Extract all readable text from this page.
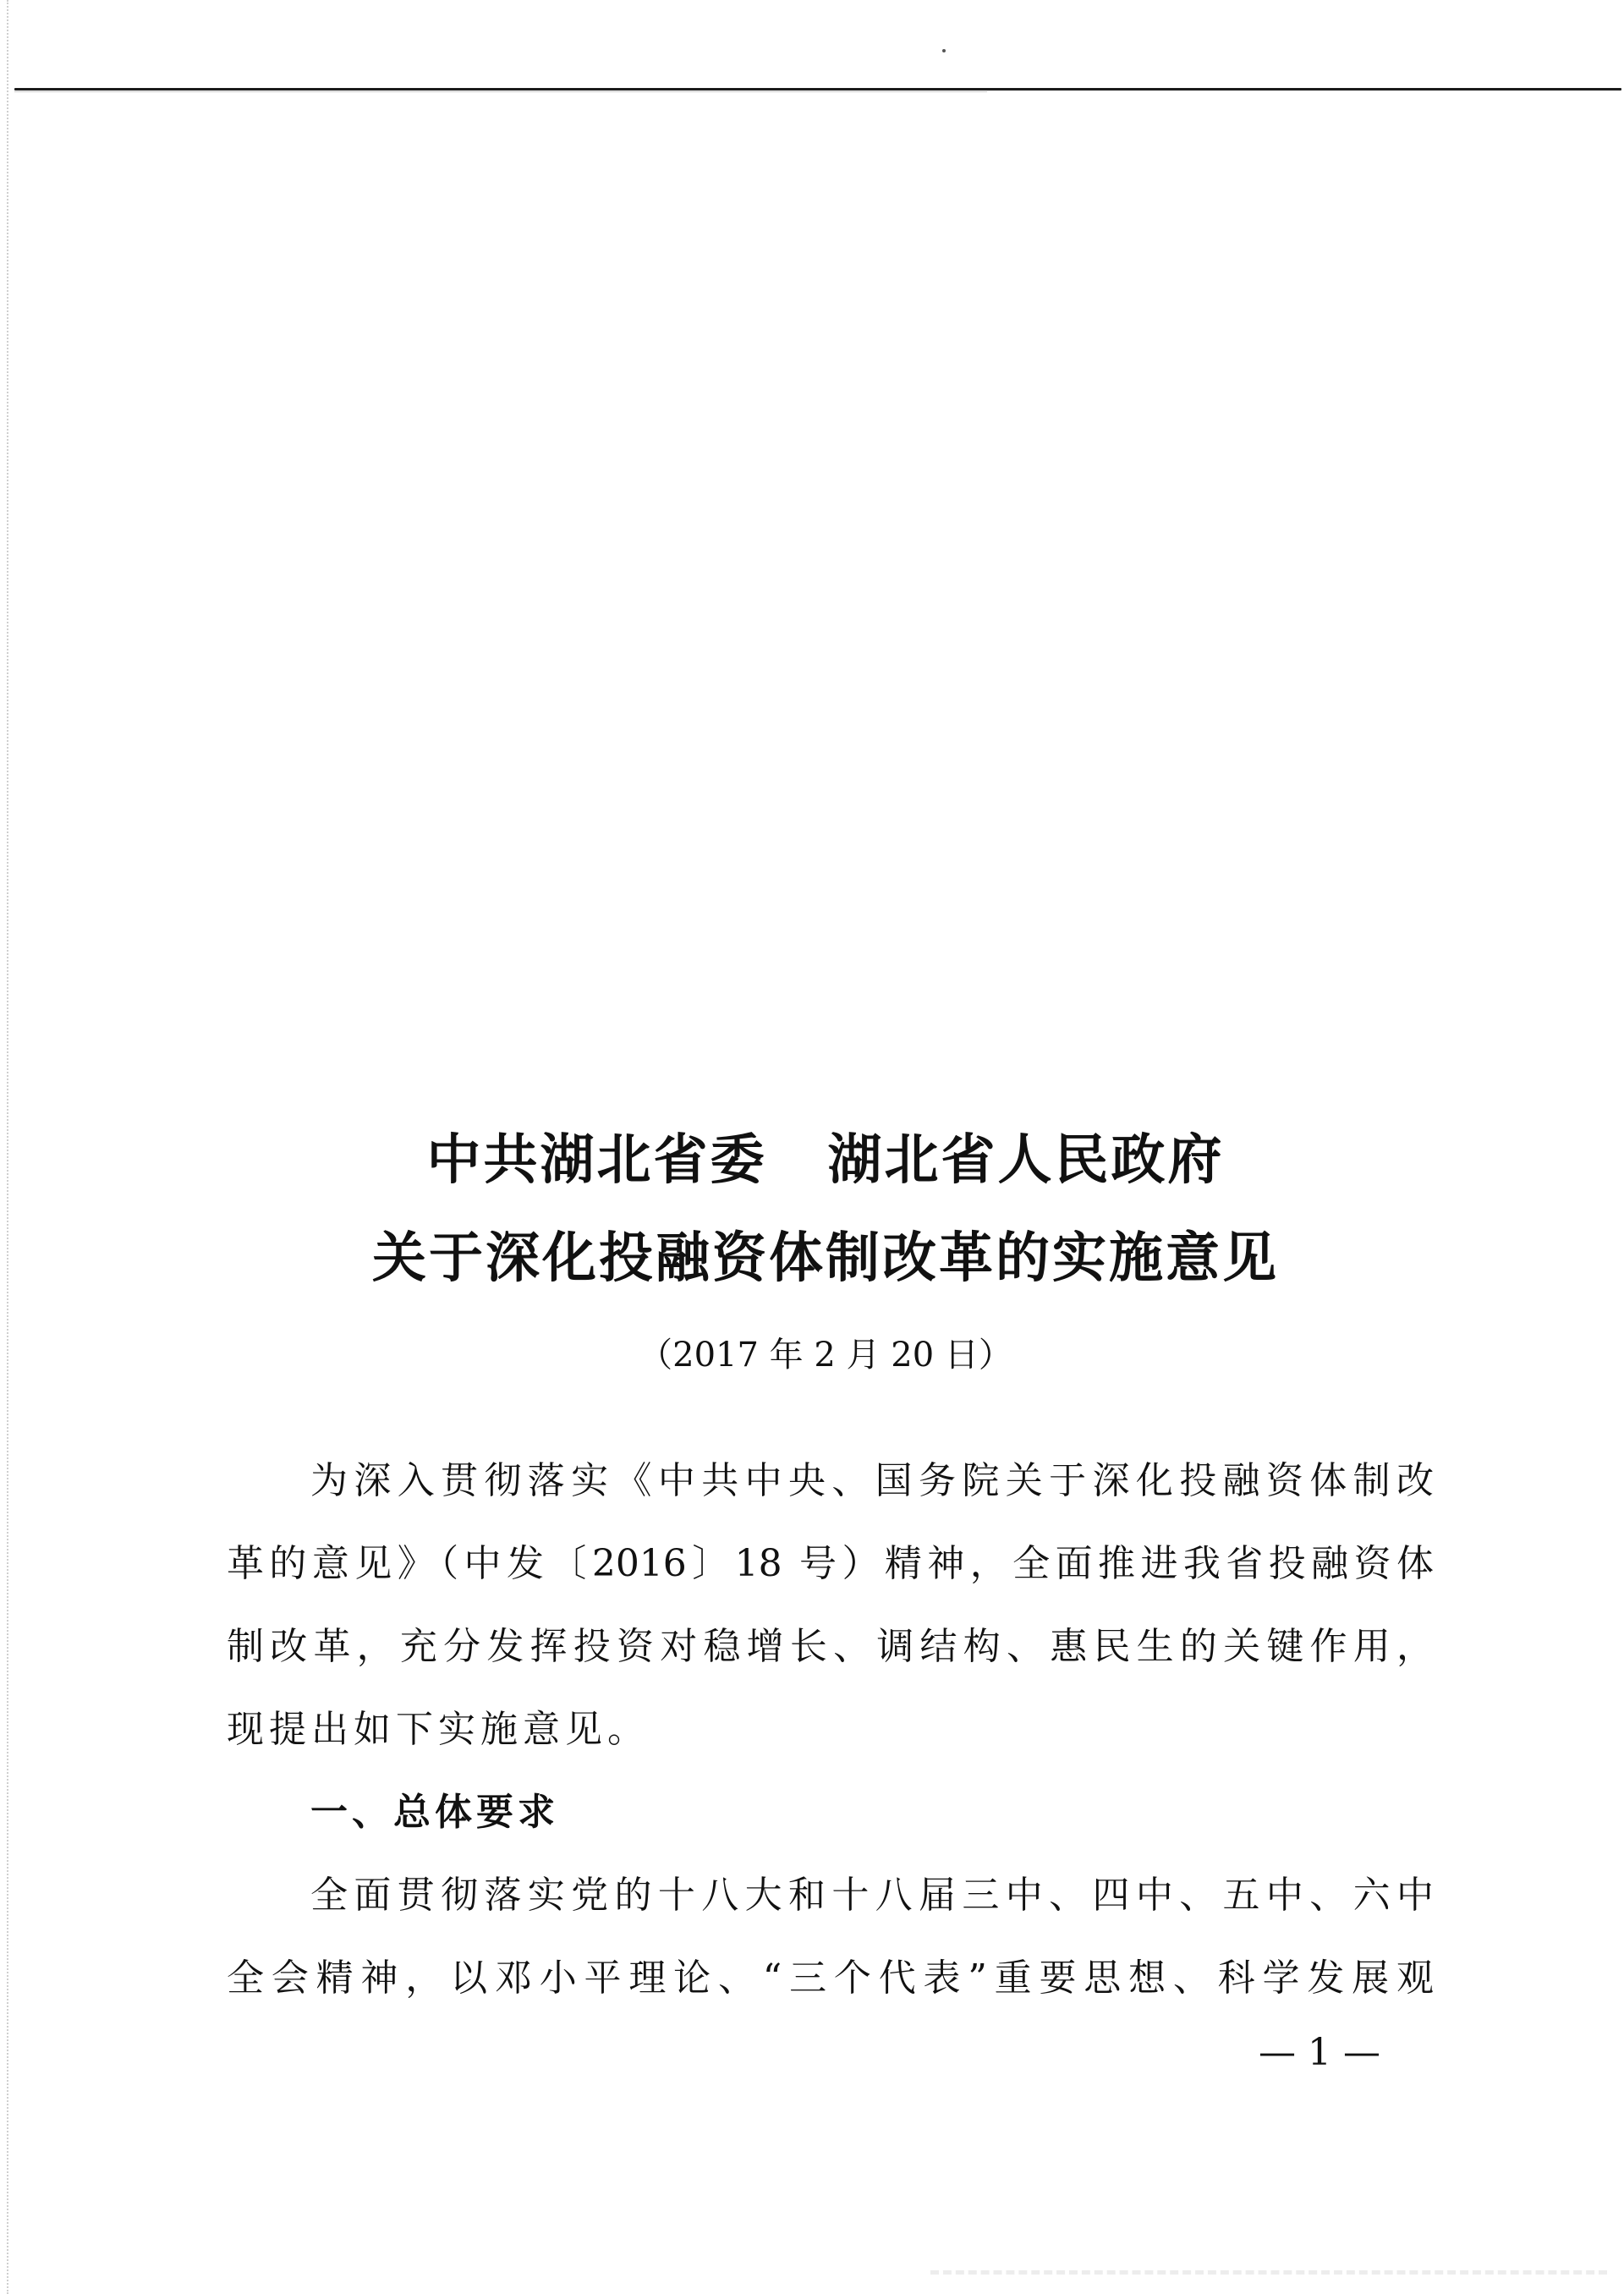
中共湖北省委 湖北省人民政府
关于深化投融资体制改革的实施意见
（2017 年 2 月 20 日）
为深入贯彻落实《中共中央、国务院关于深化投融资体制改
革的意见》（中发〔2016〕18 号）精神，全面推进我省投融资体
制改革，充分发挥投资对稳增长、调结构、惠民生的关键作用，
现提出如下实施意见。
一、总体要求
全面贯彻落实党的十八大和十八届三中、四中、五中、六中
全会精神，以邓小平理论、“三个代表”重要思想、科学发展观
— 1 —
